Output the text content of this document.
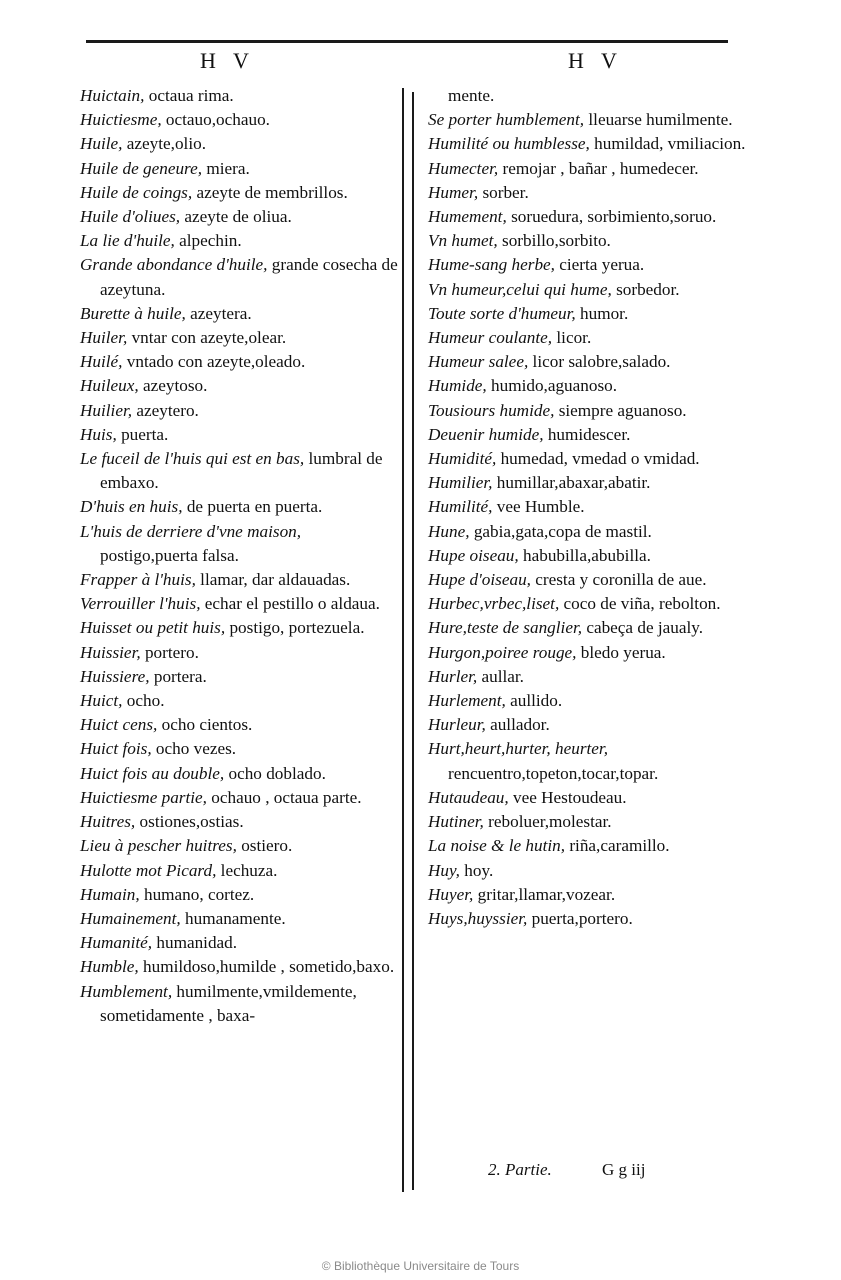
H V	H V

Huictain, octaua rima.

Huictiesme, octauo,ochauo.

Huile, azeyte,olio.

Huile de geneure, miera.

Huile de coings, azeyte de membrillos.

Huile d'oliues, azeyte de oliua.

La lie d'huile, alpechin.

Grande abondance d'huile, grande cosecha de azeytuna.

Burette à huile, azeytera.

Huiler, vntar con azeyte,olear.

Huilé, vntado con azeyte,oleado.

Huileux, azeytoso.

Huilier, azeytero.

Huis, puerta.

Le fuceil de l'huis qui est en bas, lumbral de embaxo.

D'huis en huis, de puerta en puerta.

L'huis de derriere d'vne maison, postigo,puerta falsa.

Frapper à l'huis, llamar, dar aldauadas.

Verrouiller l'huis, echar el pestillo o aldaua.

Huisset ou petit huis, postigo, portezuela.

Huissier, portero.

Huissiere, portera.

Huict, ocho.

Huict cens, ocho cientos.

Huict fois, ocho vezes.

Huict fois au double, ocho doblado.

Huictiesme partie, ochauo , octaua parte.

Huitres, ostiones,ostias.

Lieu à pescher huitres, ostiero.

Hulotte mot Picard, lechuza.

Humain, humano, cortez.

Humainement, humanamente.

Humanité, humanidad.

Humble, humildoso,humilde , sometido,baxo.

Humblement, humilmente,vmildemente, sometidamente , baxa-

mente.

Se porter humblement, lleuarse humilmente.

Humilité ou humblesse, humildad, vmiliacion.

Humecter, remojar , bañar , humedecer.

Humer, sorber.

Humement, soruedura, sorbimiento,soruo.

Vn humet, sorbillo,sorbito.

Hume-sang herbe, cierta yerua.

Vn humeur,celui qui hume, sorbedor.

Toute sorte d'humeur, humor.

Humeur coulante, licor.

Humeur salee, licor salobre,salado.

Humide, humido,aguanoso.

Tousiours humide, siempre aguanoso.

Deuenir humide, humidescer.

Humidité, humedad, vmedad o vmidad.

Humilier, humillar,abaxar,abatir.

Humilité, vee Humble.

Hune, gabia,gata,copa de mastil.

Hupe oiseau, habubilla,abubilla.

Hupe d'oiseau, cresta y coronilla de aue.

Hurbec,vrbec,liset, coco de viña, rebolton.

Hure,teste de sanglier, cabeça de jaualy.

Hurgon,poiree rouge, bledo yerua.

Hurler, aullar.

Hurlement, aullido.

Hurleur, aullador.

Hurt,heurt,hurter, heurter, rencuentro,topeton,tocar,topar.

Hutaudeau, vee Hestoudeau.

Hutiner, reboluer,molestar.

La noise & le hutin, riña,caramillo.

Huy, hoy.

Huyer, gritar,llamar,vozear.

Huys,huyssier, puerta,portero.

2. Partie.	G g iij
© Bibliothèque Universitaire de Tours
